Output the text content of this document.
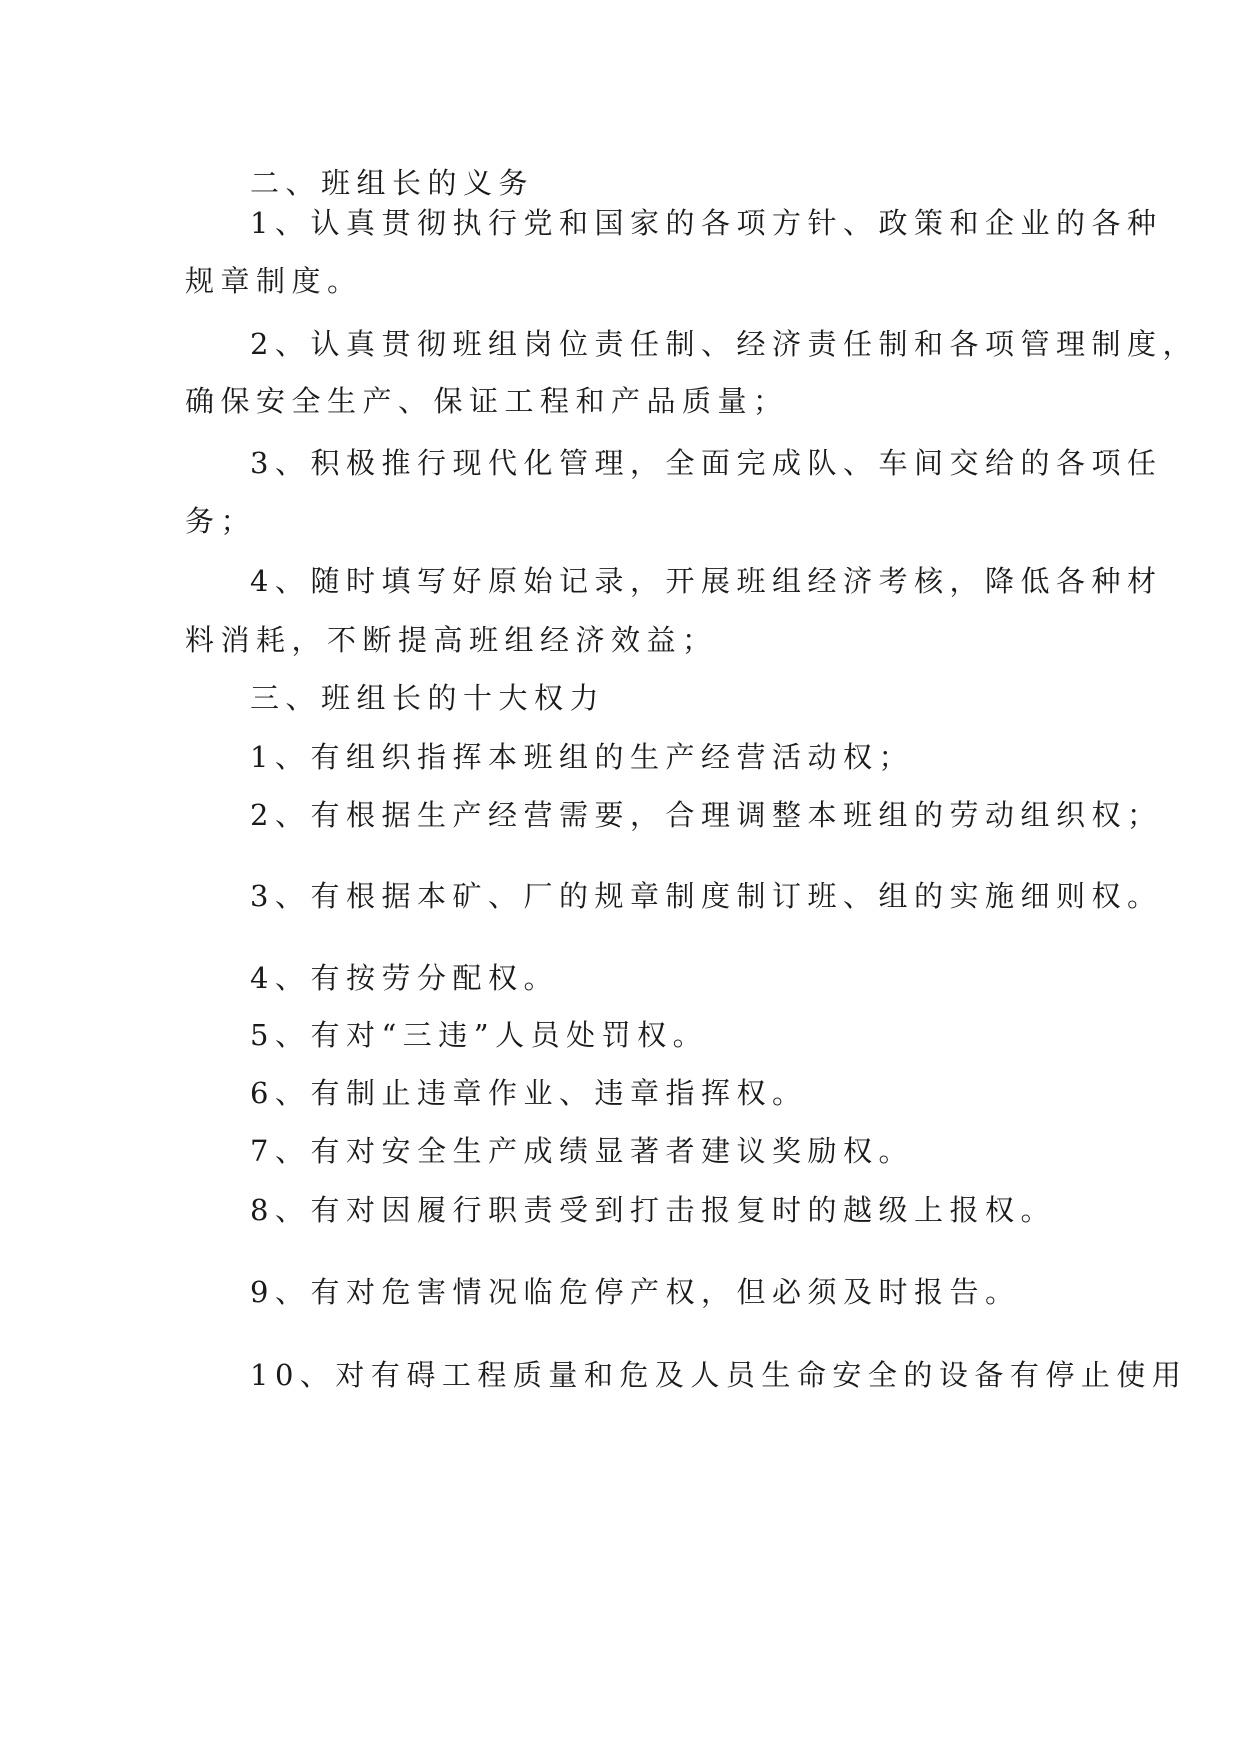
二、班组长的义务

1、认真贯彻执行党和国家的各项方针、政策和企业的各种

规章制度。

2、认真贯彻班组岗位责任制、经济责任制和各项管理制度，

确保安全生产、保证工程和产品质量；

3、积极推行现代化管理，全面完成队、车间交给的各项任

务；

4、随时填写好原始记录，开展班组经济考核，降低各种材

料消耗，不断提高班组经济效益；

三、班组长的十大权力

1、有组织指挥本班组的生产经营活动权；

2、有根据生产经营需要，合理调整本班组的劳动组织权；

3、有根据本矿、厂的规章制度制订班、组的实施细则权。

4、有按劳分配权。

5、有对“三违”人员处罚权。

6、有制止违章作业、违章指挥权。

7、有对安全生产成绩显著者建议奖励权。

8、有对因履行职责受到打击报复时的越级上报权。

9、有对危害情况临危停产权，但必须及时报告。

10、对有碍工程质量和危及人员生命安全的设备有停止使用
